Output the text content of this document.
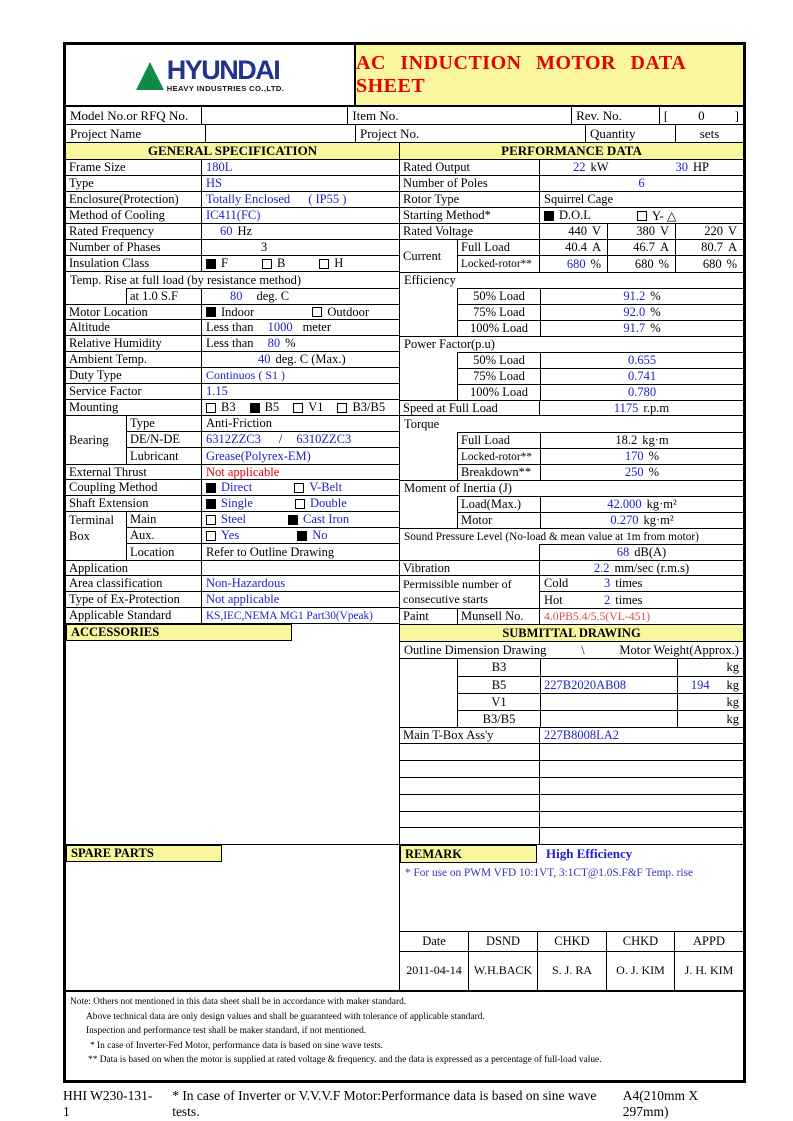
HYUNDAI
HEAVY INDUSTRIES CO.,LTD.
AC INDUCTION MOTOR DATA SHEET
Model No.or RFQ No.	Item No.	Rev. No.	[ 0 ]
Project Name	Project No.	Quantity	sets
GENERAL SPECIFICATION	PERFORMANCE DATA
Frame Size	180L
Type	HS
Enclosure(Protection)	Totally Enclosed ( IP55 )
Method of Cooling	IC411(FC)
Rated Frequency	60 Hz
Number of Phases	3
Insulation Class	F	B	H
Temp. Rise at full load (by resistance method)
at 1.0 S.F	80 deg. C
Motor Location	Indoor	Outdoor
Altitude	Less than 1000 meter
Relative Humidity	Less than 80 %
Ambient Temp.	40 deg. C (Max.)
Duty Type	Continuos ( S1 )
Service Factor	1.15
Mounting	B3 B5 V1 B3/B5
Bearing
Type	Anti-Friction
DE/N-DE	6312ZZC3 / 6310ZZC3
Lubricant	Grease(Polyrex-EM)
External Thrust	Not applicable
Coupling Method	Direct	V-Belt
Shaft Extension	Single	Double
Terminal
Box
Main	Steel	Cast Iron
Aux.	Yes	No
Location	Refer to Outline Drawing
Application
Area classification	Non-Hazardous
Type of Ex-Protection	Not applicable
Applicable Standard	KS,IEC,NEMA MG1 Part30(Vpeak)
ACCESSORIES
SPARE PARTS
Rated Output	22 kW	30 HP
Number of Poles	6
Rotor Type	Squirrel Cage
Starting Method*	D.O.L	Y- △
Rated Voltage	440 V	380 V	220 V
Current
Full Load	40.4 A	46.7 A	80.7 A
Locked-rotor**	680 %	680 %	680 %
Efficiency
50% Load	91.2 %
75% Load	92.0 %
100% Load	91.7 %
Power Factor(p.u)
50% Load	0.655
75% Load	0.741
100% Load	0.780
Speed at Full Load	1175 r.p.m
Torque
Full Load	18.2 kg·m
Locked-rotor**	170 %
Breakdown**	250 %
Moment of Inertia (J)
Load(Max.)	42.000 kg·m²
Motor	0.270 kg·m²
Sound Pressure Level (No-load & mean value at 1m from motor)
68 dB(A)
Vibration	2.2 mm/sec (r.m.s)
Permissible number of
consecutive starts
Cold	3 times
Hot	2 times
Paint	Munsell No.	4.0PB5.4/5.5(VL-451)
SUBMITTAL DRAWING
Outline Dimension Drawing	\	Motor Weight(Approx.)
B3	kg
B5	227B2020AB08	194	kg
V1	kg
B3/B5	kg
Main T-Box Ass'y	227B8008LA2
REMARK	High Efficiency
* For use on PWM VFD 10:1VT, 3:1CT@1.0S.F&F Temp. rise
Date	DSND	CHKD	CHKD	APPD
2011-04-14	W.H.BACK	S. J. RA	O. J. KIM	J. H. KIM
Note: Others not mentioned in this data sheet shall be in accordance with maker standard.
Above technical data are only design values and shall be guaranteed with tolerance of applicable standard.
Inspection and performance test shall be maker standard, if not mentioned.
* In case of Inverter-Fed Motor, performance data is based on sine wave tests.
** Data is based on when the motor is supplied at rated voltage & frequency. and the data is expressed as a percentage of full-load value.
HHI W230-131-1
* In case of Inverter or V.V.V.F Motor:Performance data is based on sine wave tests.
A4(210mm X 297mm)
